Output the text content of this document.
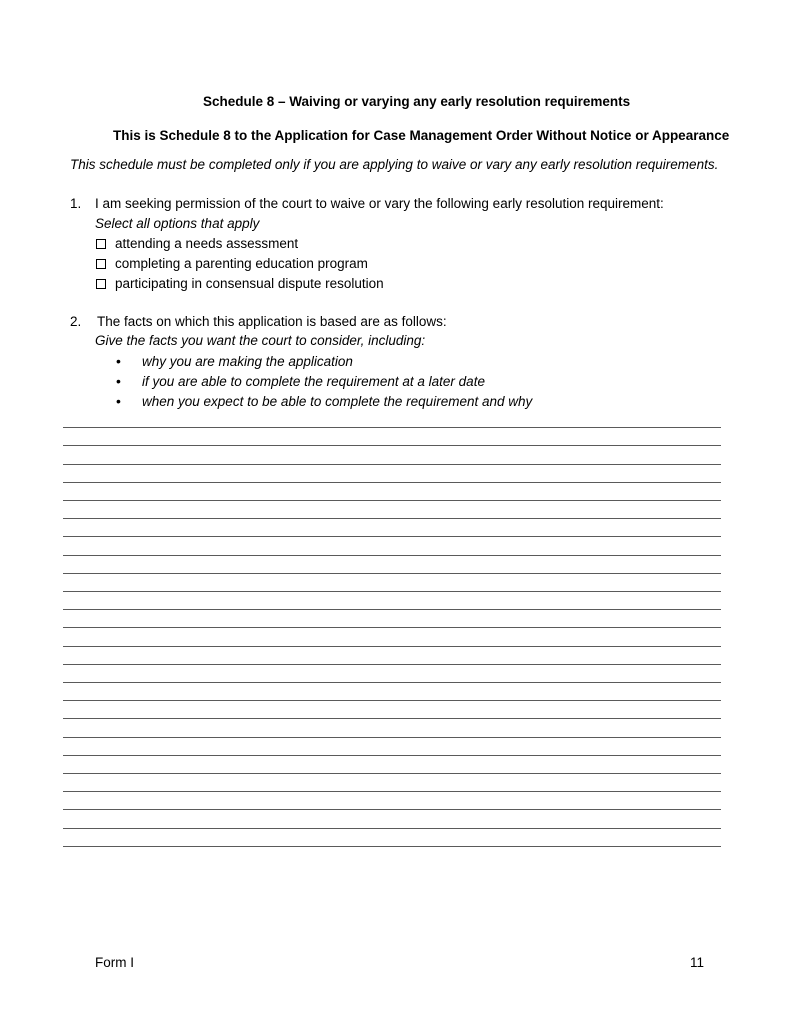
Schedule 8 – Waiving or varying any early resolution requirements
This is Schedule 8 to the Application for Case Management Order Without Notice or Appearance
This schedule must be completed only if you are applying to waive or vary any early resolution requirements.
1. I am seeking permission of the court to waive or vary the following early resolution requirement:
Select all options that apply
attending a needs assessment
completing a parenting education program
participating in consensual dispute resolution
2. The facts on which this application is based are as follows:
Give the facts you want the court to consider, including:
•	why you are making the application
•	if you are able to complete the requirement at a later date
•	when you expect to be able to complete the requirement and why
Form I	11
